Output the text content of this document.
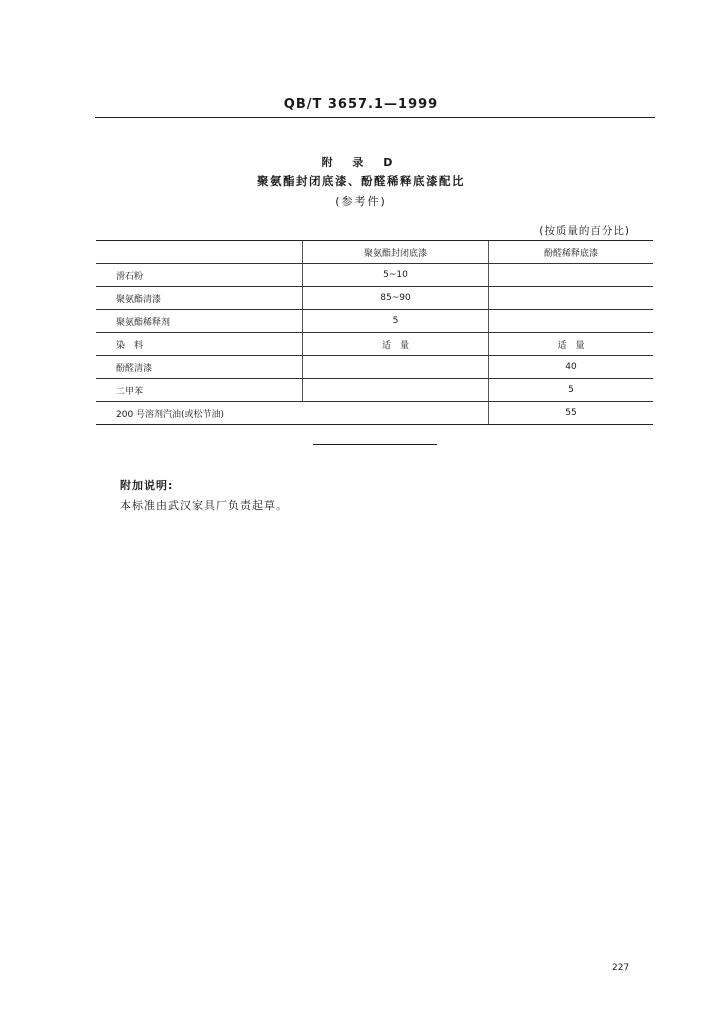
QB/T 3657.1—1999
附 录 D
聚氨酯封闭底漆、酚醛稀释底漆配比
(参考件)
(按质量的百分比)
	聚氨酯封闭底漆	酚醛稀释底漆
滑石粉	5~10	
聚氨酯清漆	85~90	
聚氨酯稀释剂	5	
染　料	适　量	适　量
酚醛清漆		40
二甲苯		5
200 号溶剂汽油(或松节油)		55
附加说明:
本标准由武汉家具厂负责起草。
227
